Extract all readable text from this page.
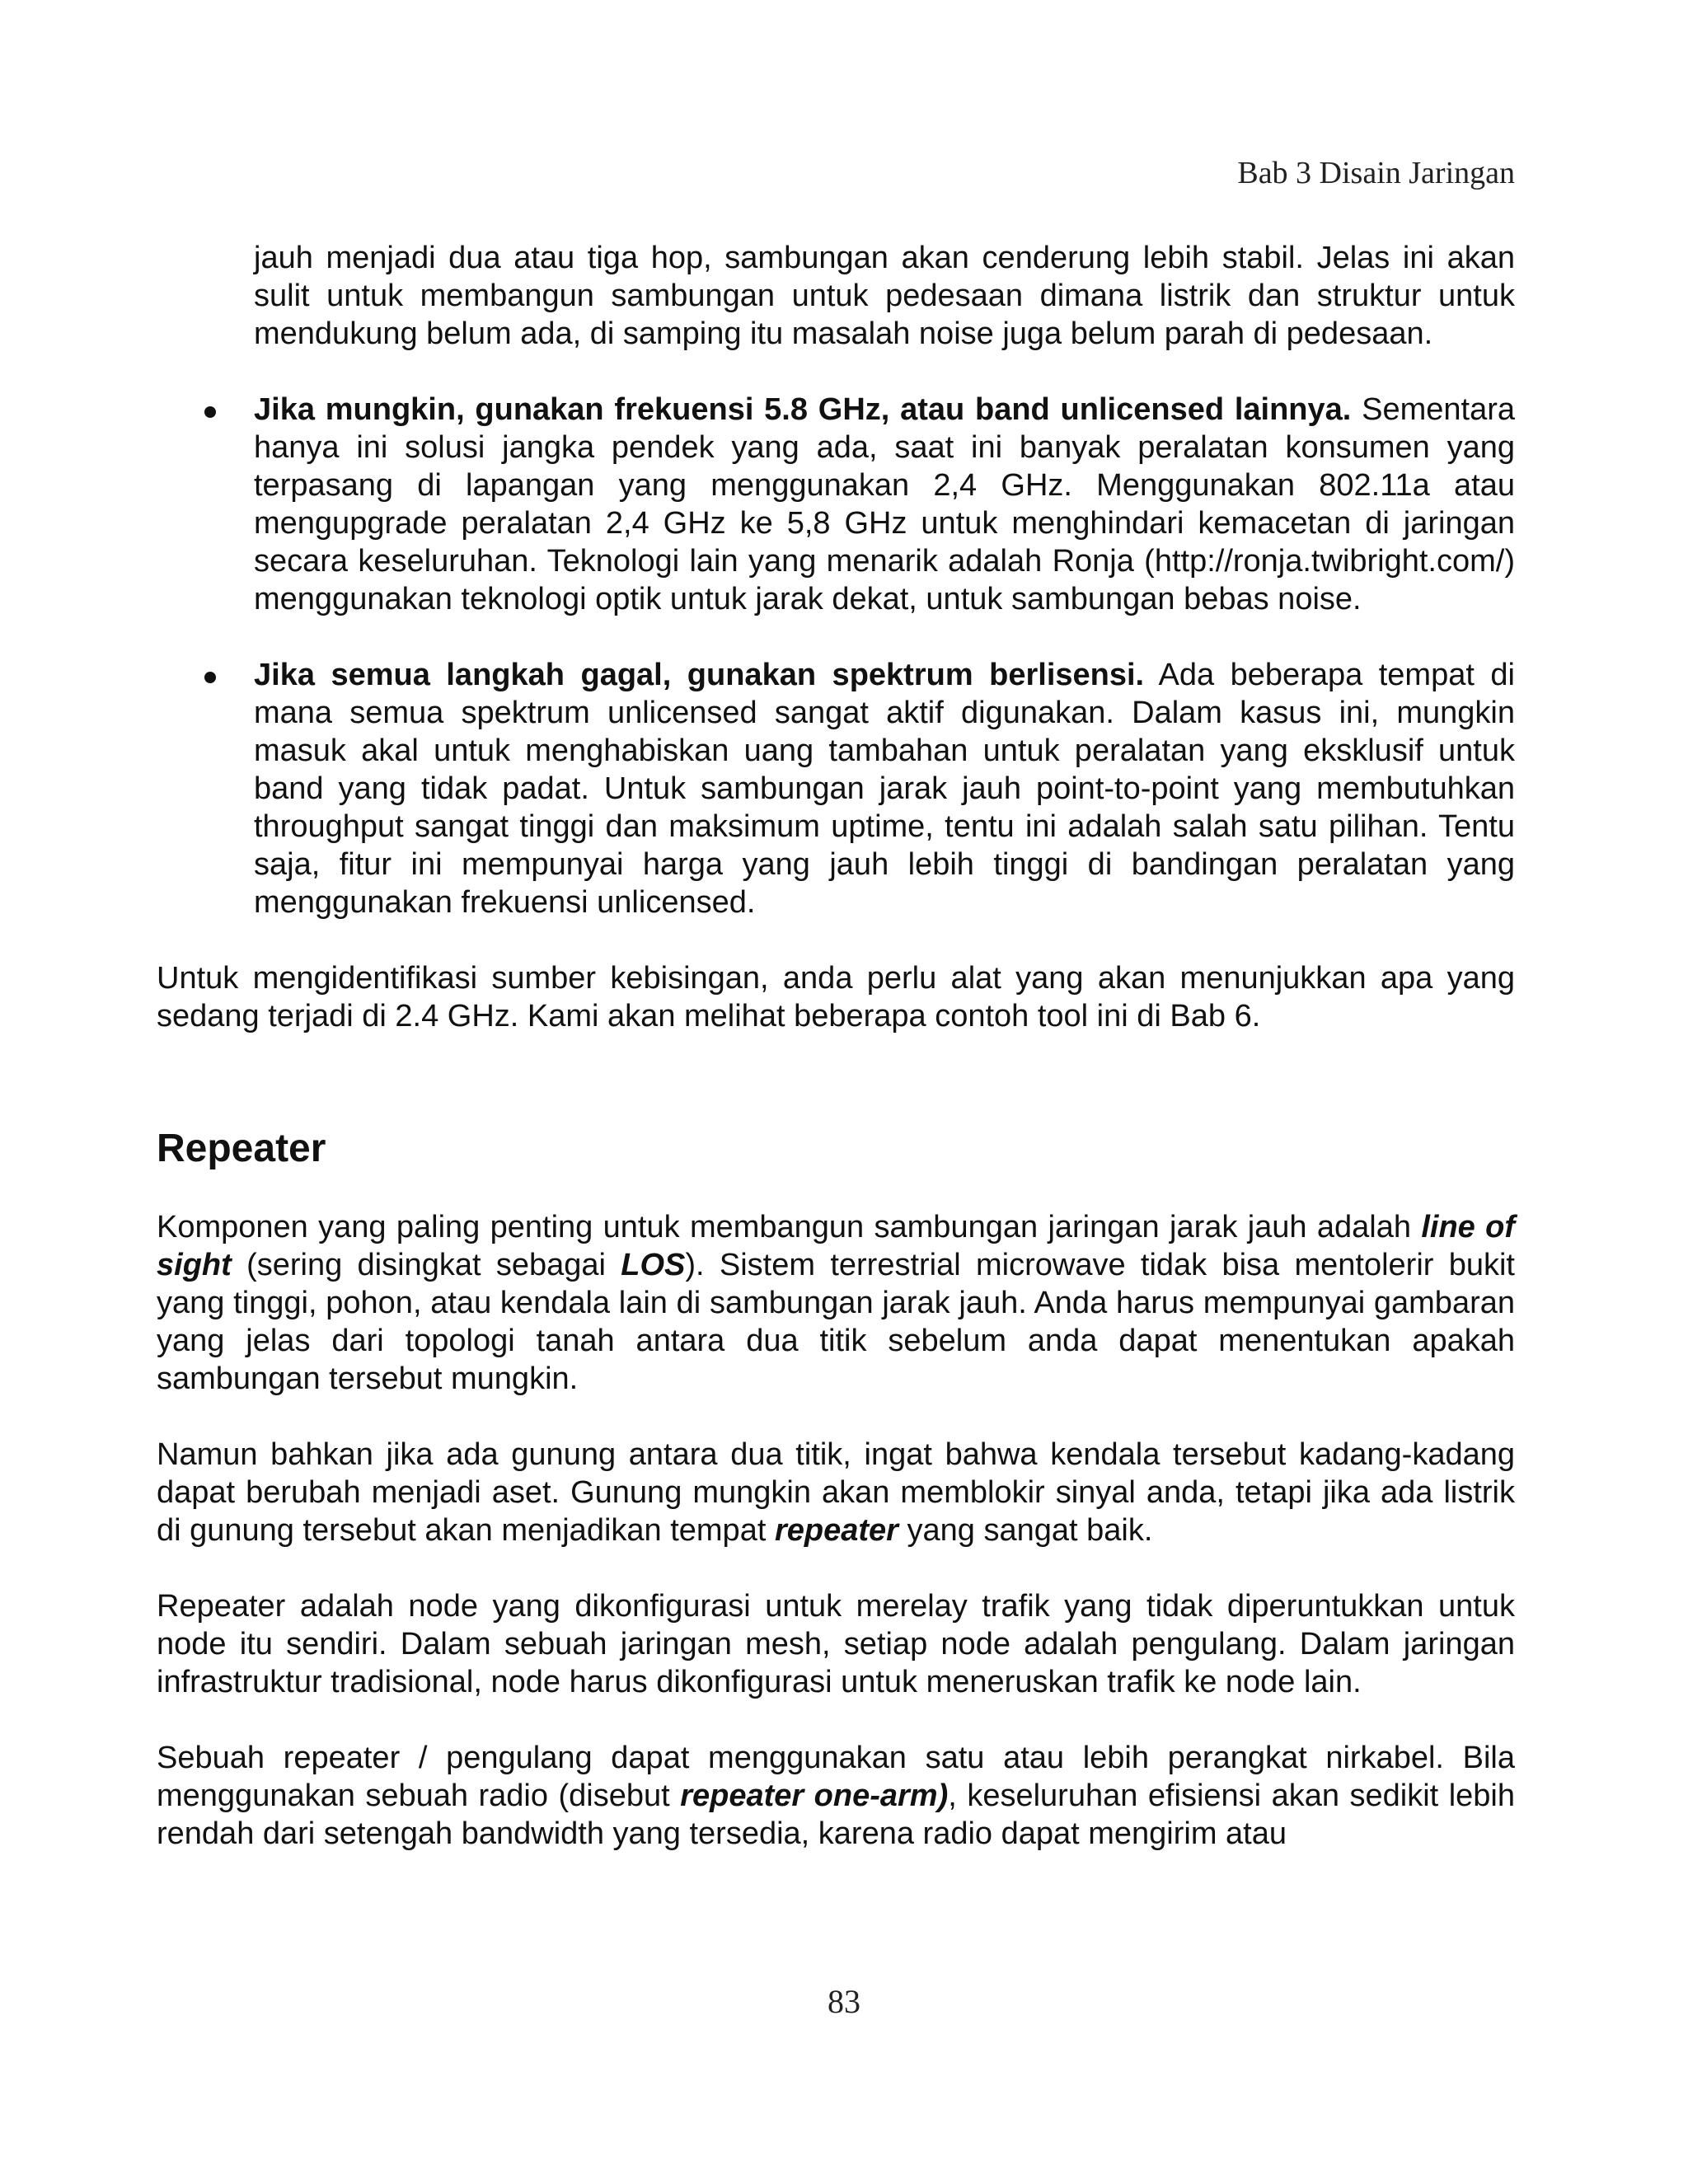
Bab 3 Disain Jaringan

jauh menjadi dua atau tiga hop, sambungan akan cenderung lebih stabil. Jelas ini akan sulit untuk membangun sambungan untuk pedesaan dimana listrik dan struktur untuk mendukung belum ada, di samping itu masalah noise juga belum parah di pedesaan.

Jika mungkin, gunakan frekuensi 5.8 GHz, atau band unlicensed lainnya. Sementara hanya ini solusi jangka pendek yang ada, saat ini banyak peralatan konsumen yang terpasang di lapangan yang menggunakan 2,4 GHz. Menggunakan 802.11a atau mengupgrade peralatan 2,4 GHz ke 5,8 GHz untuk menghindari kemacetan di jaringan secara keseluruhan. Teknologi lain yang menarik adalah Ronja (http://ronja.twibright.com/) menggunakan teknologi optik untuk jarak dekat, untuk sambungan bebas noise.
Jika semua langkah gagal, gunakan spektrum berlisensi. Ada beberapa tempat di mana semua spektrum unlicensed sangat aktif digunakan. Dalam kasus ini, mungkin masuk akal untuk menghabiskan uang tambahan untuk peralatan yang eksklusif untuk band yang tidak padat. Untuk sambungan jarak jauh point-to-point yang membutuhkan throughput sangat tinggi dan maksimum uptime, tentu ini adalah salah satu pilihan. Tentu saja, fitur ini mempunyai harga yang jauh lebih tinggi di bandingan peralatan yang menggunakan frekuensi unlicensed.

Untuk mengidentifikasi sumber kebisingan, anda perlu alat yang akan menunjukkan apa yang sedang terjadi di 2.4 GHz. Kami akan melihat beberapa contoh tool ini di Bab 6.

Repeater

Komponen yang paling penting untuk membangun sambungan jaringan jarak jauh adalah line of sight (sering disingkat sebagai LOS). Sistem terrestrial microwave tidak bisa mentolerir bukit yang tinggi, pohon, atau kendala lain di sambungan jarak jauh. Anda harus mempunyai gambaran yang jelas dari topologi tanah antara dua titik sebelum anda dapat menentukan apakah sambungan tersebut mungkin.

Namun bahkan jika ada gunung antara dua titik, ingat bahwa kendala tersebut kadang-kadang dapat berubah menjadi aset. Gunung mungkin akan memblokir sinyal anda, tetapi jika ada listrik di gunung tersebut akan menjadikan tempat repeater yang sangat baik.

Repeater adalah node yang dikonfigurasi untuk merelay trafik yang tidak diperuntukkan untuk node itu sendiri. Dalam sebuah jaringan mesh, setiap node adalah pengulang. Dalam jaringan infrastruktur tradisional, node harus dikonfigurasi untuk meneruskan trafik ke node lain.

Sebuah repeater / pengulang dapat menggunakan satu atau lebih perangkat nirkabel. Bila menggunakan sebuah radio (disebut repeater one-arm), keseluruhan efisiensi akan sedikit lebih rendah dari setengah bandwidth yang tersedia, karena radio dapat mengirim atau

83
